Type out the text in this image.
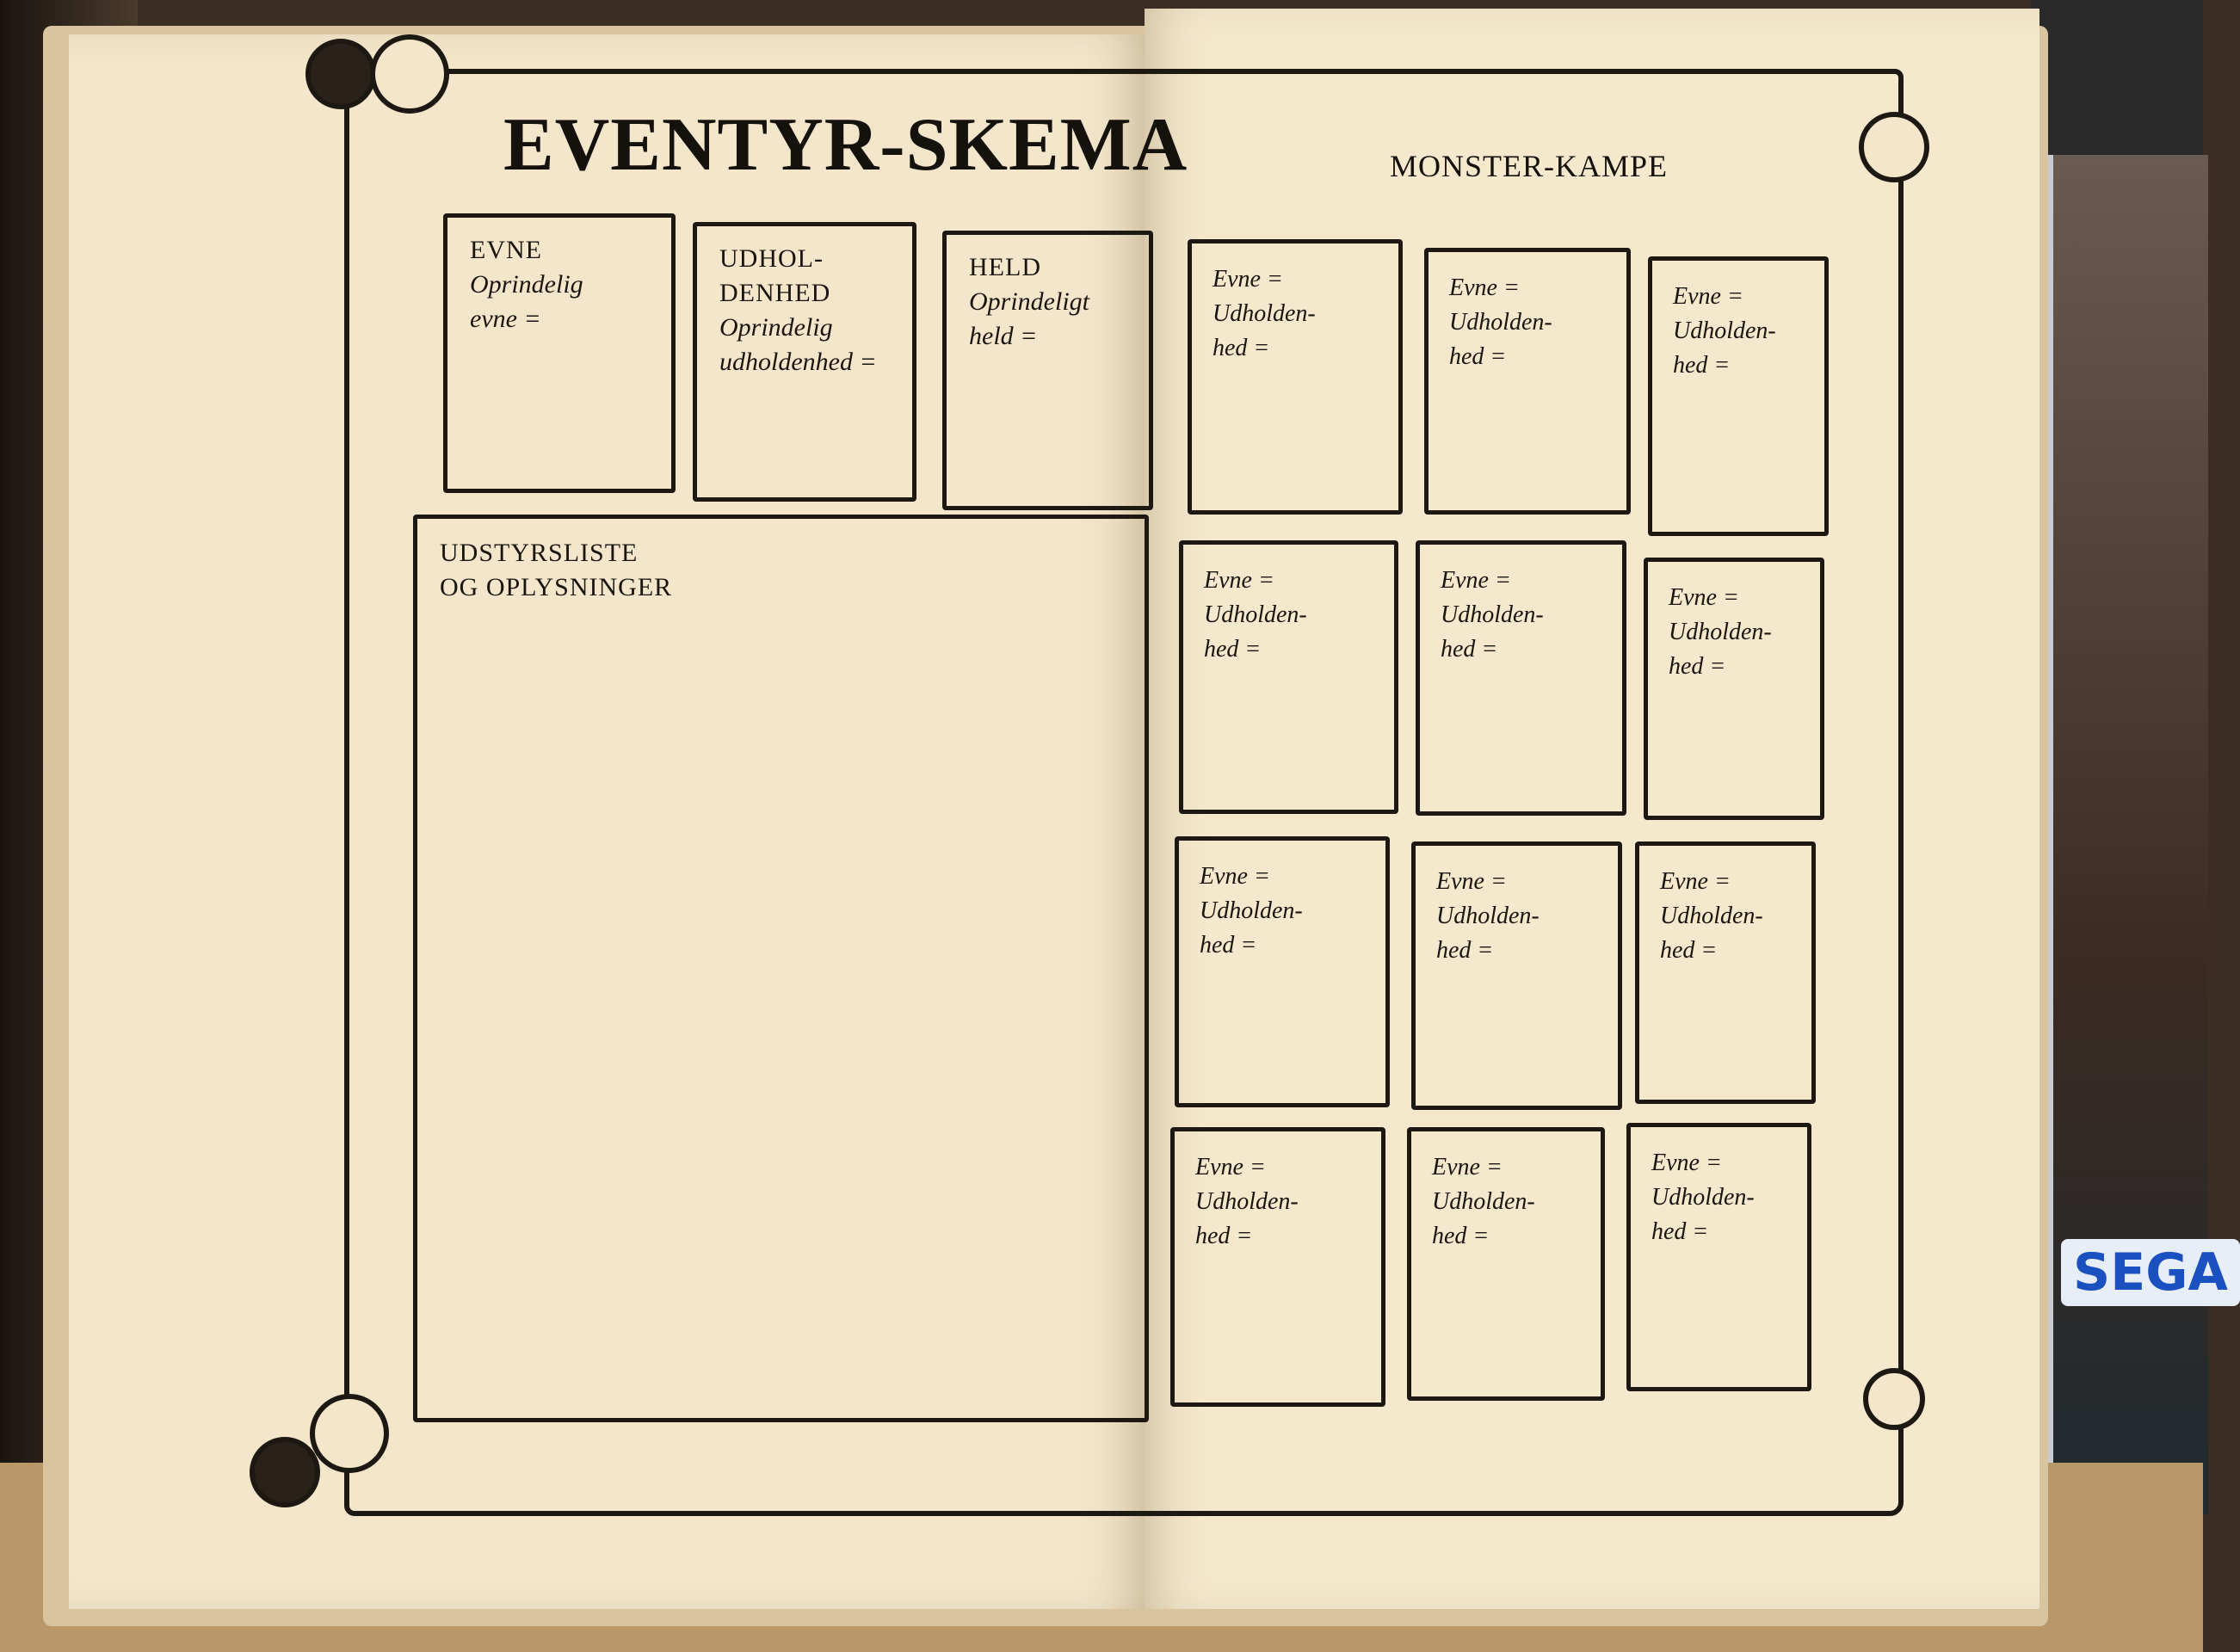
SEGA
EVENTYR-SKEMA
EVNE
Oprindelig
evne =
UDHOL-
DENHED
Oprindelig
udholdenhed =
HELD
Oprindeligt
held =
UDSTYRSLISTE
OG OPLYSNINGER
MONSTER-KAMPE
Evne =
Udholden-
hed =
Evne =
Udholden-
hed =
Evne =
Udholden-
hed =
Evne =
Udholden-
hed =
Evne =
Udholden-
hed =
Evne =
Udholden-
hed =
Evne =
Udholden-
hed =
Evne =
Udholden-
hed =
Evne =
Udholden-
hed =
Evne =
Udholden-
hed =
Evne =
Udholden-
hed =
Evne =
Udholden-
hed =
